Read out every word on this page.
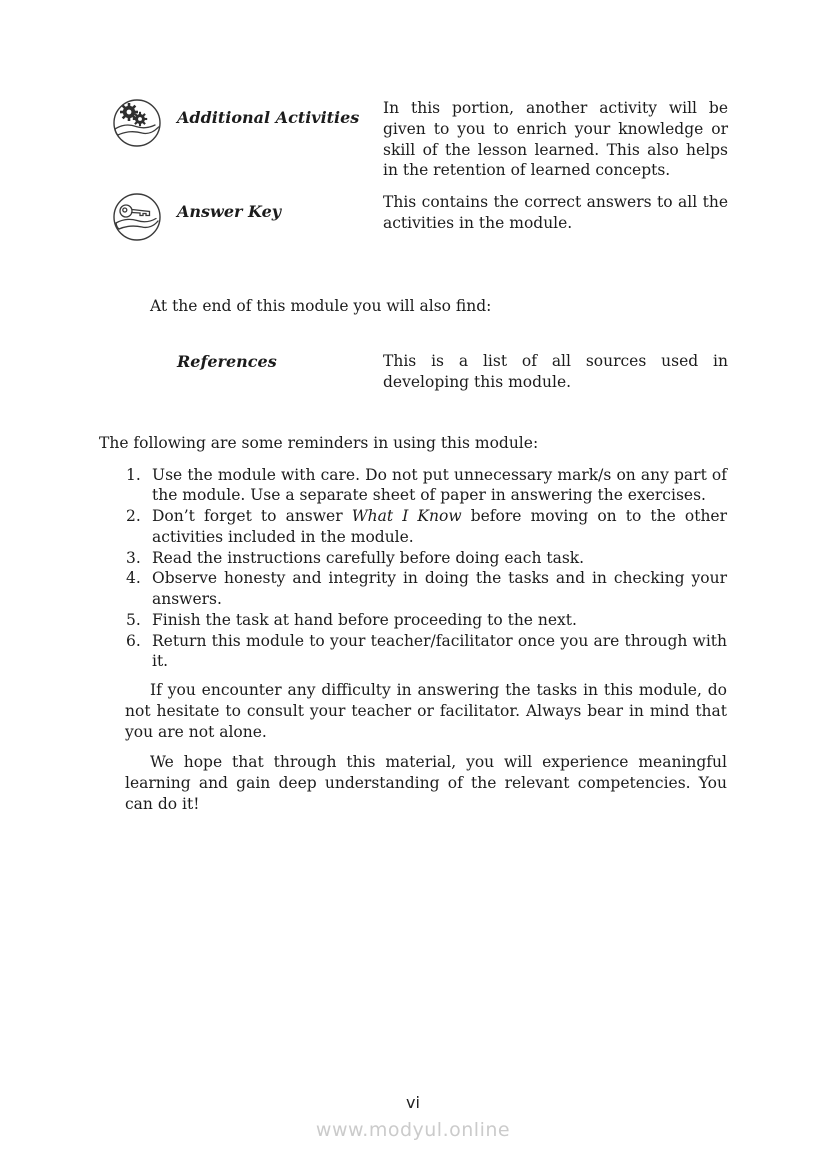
Additional Activities	In this portion, another activity will be given to you to enrich your knowledge or skill of the lesson learned. This also helps in the retention of learned concepts.
Answer Key	This contains the correct answers to all the activities in the module.
At the end of this module you will also find:
References	This is a list of all sources used in developing this module.
The following are some reminders in using this module:
1. Use the module with care. Do not put unnecessary mark/s on any part of the module. Use a separate sheet of paper in answering the exercises.
2. Don’t forget to answer What I Know before moving on to the other activities included in the module.
3. Read the instructions carefully before doing each task.
4. Observe honesty and integrity in doing the tasks and in checking your answers.
5. Finish the task at hand before proceeding to the next.
6. Return this module to your teacher/facilitator once you are through with it.
If you encounter any difficulty in answering the tasks in this module, do not hesitate to consult your teacher or facilitator. Always bear in mind that you are not alone.
We hope that through this material, you will experience meaningful learning and gain deep understanding of the relevant competencies. You can do it!
vi
www.modyul.online
